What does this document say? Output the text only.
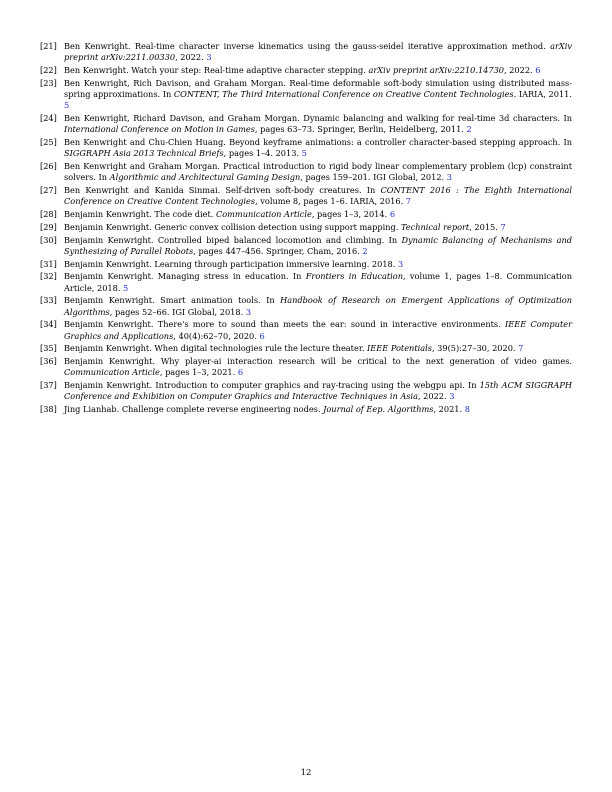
[21] Ben Kenwright. Real-time character inverse kinematics using the gauss-seidel iterative approximation method. arXiv preprint arXiv:2211.00330, 2022. 3
[22] Ben Kenwright. Watch your step: Real-time adaptive character stepping. arXiv preprint arXiv:2210.14730, 2022. 6
[23] Ben Kenwright, Rich Davison, and Graham Morgan. Real-time deformable soft-body simulation using distributed mass-spring approximations. In CONTENT, The Third International Conference on Creative Content Technologies. IARIA, 2011. 5
[24] Ben Kenwright, Richard Davison, and Graham Morgan. Dynamic balancing and walking for real-time 3d characters. In International Conference on Motion in Games, pages 63–73. Springer, Berlin, Heidelberg, 2011. 2
[25] Ben Kenwright and Chu-Chien Huang. Beyond keyframe animations: a controller character-based stepping approach. In SIGGRAPH Asia 2013 Technical Briefs, pages 1–4. 2013. 5
[26] Ben Kenwright and Graham Morgan. Practical introduction to rigid body linear complementary problem (lcp) constraint solvers. In Algorithmic and Architectural Gaming Design, pages 159–201. IGI Global, 2012. 3
[27] Ben Kenwright and Kanida Sinmai. Self-driven soft-body creatures. In CONTENT 2016 : The Eighth International Conference on Creative Content Technologies, volume 8, pages 1–6. IARIA, 2016. 7
[28] Benjamin Kenwright. The code diet. Communication Article, pages 1–3, 2014. 6
[29] Benjamin Kenwright. Generic convex collision detection using support mapping. Technical report, 2015. 7
[30] Benjamin Kenwright. Controlled biped balanced locomotion and climbing. In Dynamic Balancing of Mechanisms and Synthesizing of Parallel Robots, pages 447–456. Springer, Cham, 2016. 2
[31] Benjamin Kenwright. Learning through participation immersive learning. 2018. 3
[32] Benjamin Kenwright. Managing stress in education. In Frontiers in Education, volume 1, pages 1–8. Communication Article, 2018. 5
[33] Benjamin Kenwright. Smart animation tools. In Handbook of Research on Emergent Applications of Optimization Algorithms, pages 52–66. IGI Global, 2018. 3
[34] Benjamin Kenwright. There's more to sound than meets the ear: sound in interactive environments. IEEE Computer Graphics and Applications, 40(4):62–70, 2020. 6
[35] Benjamin Kenwright. When digital technologies rule the lecture theater. IEEE Potentials, 39(5):27–30, 2020. 7
[36] Benjamin Kenwright. Why player-ai interaction research will be critical to the next generation of video games. Communication Article, pages 1–3, 2021. 6
[37] Benjamin Kenwright. Introduction to computer graphics and ray-tracing using the webgpu api. In 15th ACM SIGGRAPH Conference and Exhibition on Computer Graphics and Interactive Techniques in Asia, 2022. 3
[38] Jing Lianhab. Challenge complete reverse engineering nodes. Journal of Eep. Algorithms, 2021. 8
12
